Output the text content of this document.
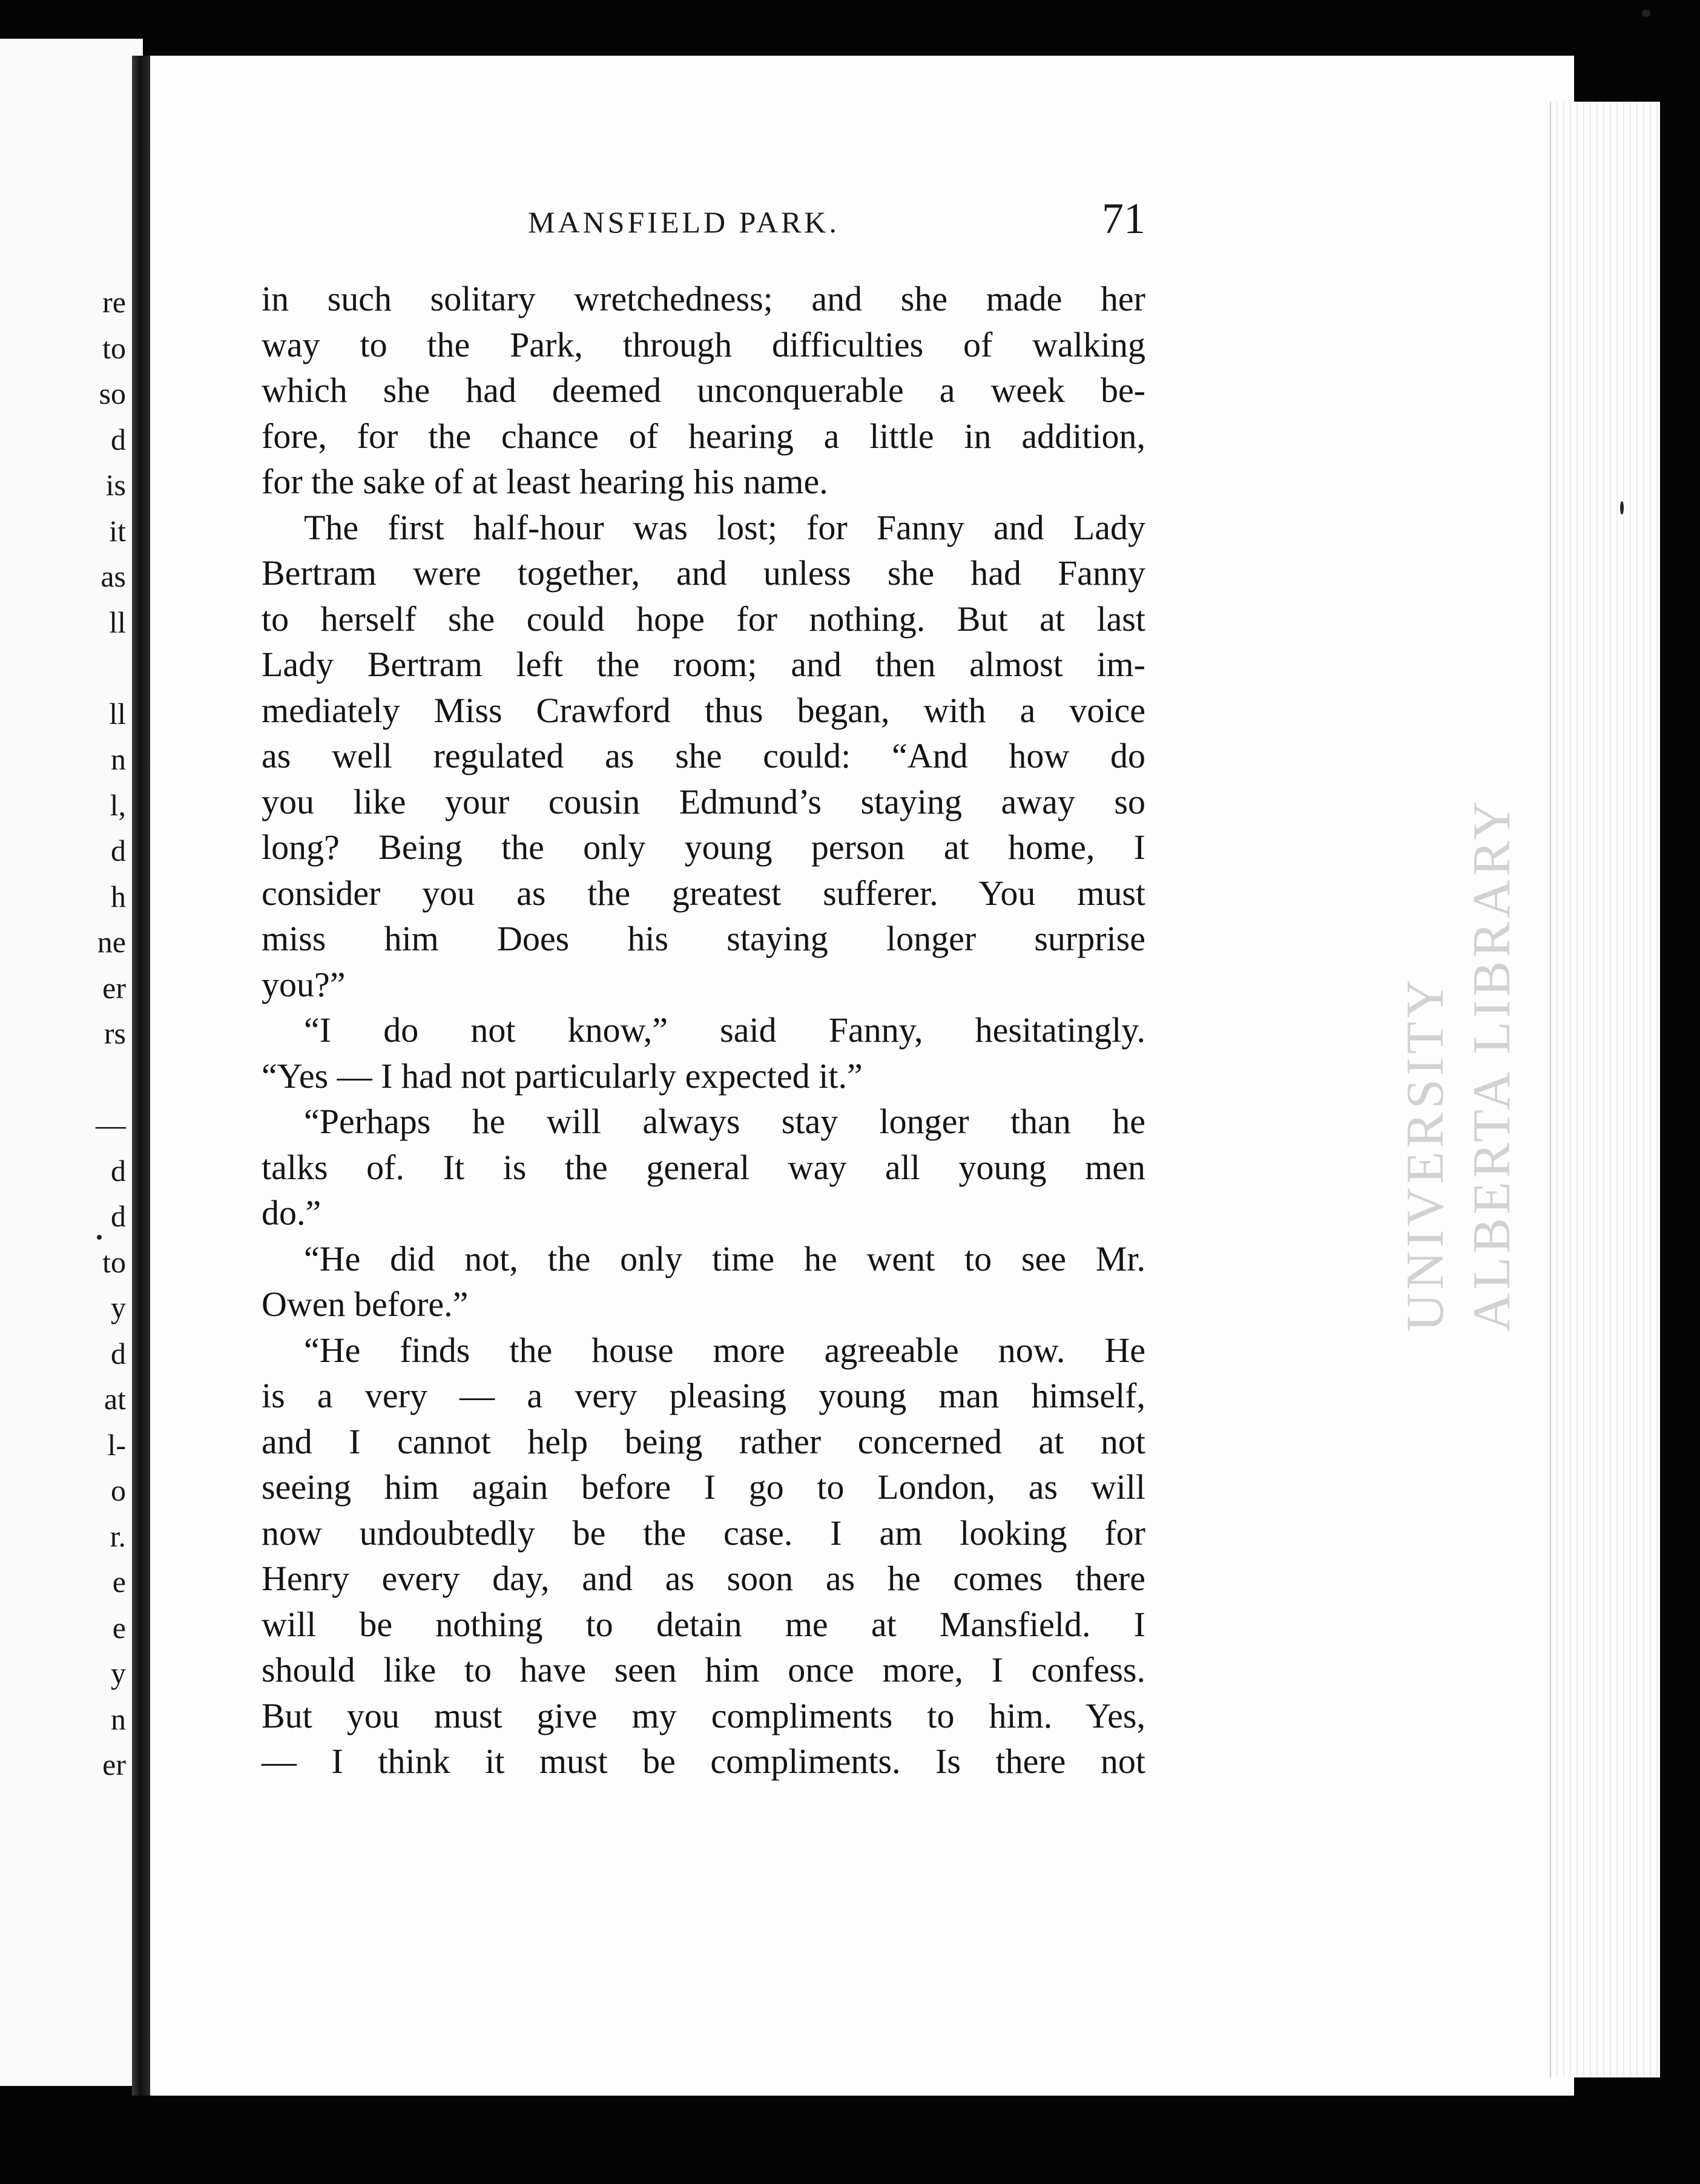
re
to
so
d
is
it
as
ll
ll
n
l,
d
h
ne
er
rs
—
d
d
to
y
d
at
l-
o
r.
e
e
y
n
er
UNIVERSITY ALBERTA LIBRARY
MANSFIELD PARK.	71
in such solitary wretchedness; and she made her
way to the Park, through difficulties of walking
which she had deemed unconquerable a week be-
fore, for the chance of hearing a little in addition,
for the sake of at least hearing his name.
The first half-hour was lost; for Fanny and Lady
Bertram were together, and unless she had Fanny
to herself she could hope for nothing. But at last
Lady Bertram left the room; and then almost im-
mediately Miss Crawford thus began, with a voice
as well regulated as she could: “And how do
you like your cousin Edmund’s staying away so
long? Being the only young person at home, I
consider you as the greatest sufferer. You must
miss him Does his staying longer surprise
you?”
“I do not know,” said Fanny, hesitatingly.
“Yes — I had not particularly expected it.”
“Perhaps he will always stay longer than he
talks of. It is the general way all young men
do.”
“He did not, the only time he went to see Mr.
Owen before.”
“He finds the house more agreeable now. He
is a very — a very pleasing young man himself,
and I cannot help being rather concerned at not
seeing him again before I go to London, as will
now undoubtedly be the case. I am looking for
Henry every day, and as soon as he comes there
will be nothing to detain me at Mansfield. I
should like to have seen him once more, I confess.
But you must give my compliments to him. Yes,
— I think it must be compliments. Is there not
